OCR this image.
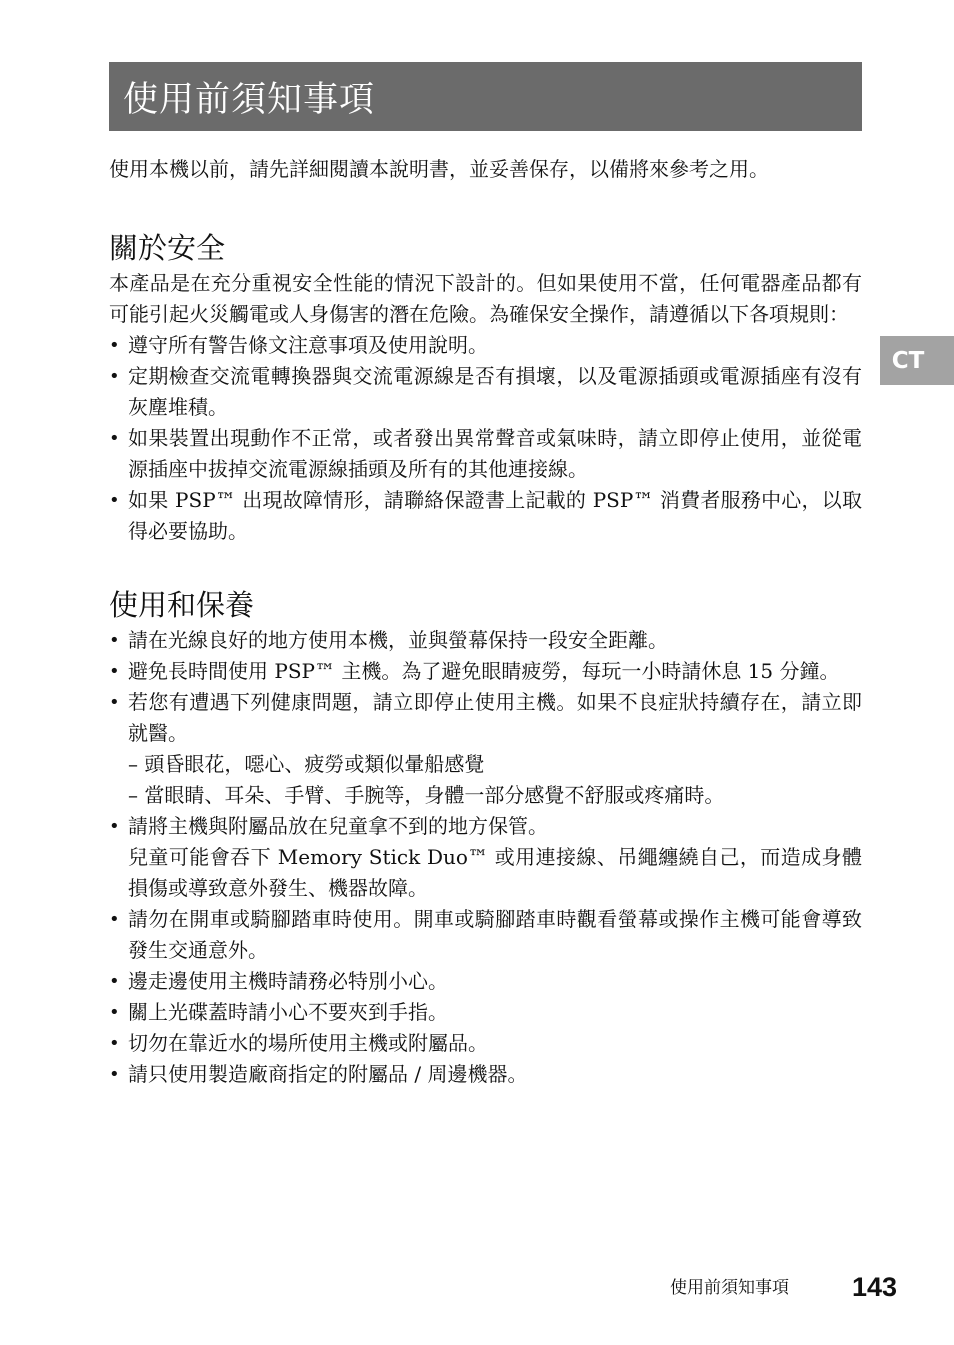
使用前須知事項
CT

使用本機以前，請先詳細閱讀本說明書，並妥善保存，以備將來參考之用。

關於安全

本產品是在充分重視安全性能的情況下設計的。但如果使用不當，任何電器產品都有可能引起火災觸電或人身傷害的潛在危險。為確保安全操作，請遵循以下各項規則：

• 遵守所有警告條文注意事項及使用說明。
• 定期檢查交流電轉換器與交流電源線是否有損壞，以及電源插頭或電源插座有沒有灰塵堆積。
• 如果裝置出現動作不正常，或者發出異常聲音或氣味時，請立即停止使用，並從電源插座中拔掉交流電源線插頭及所有的其他連接線。
• 如果 PSP™ 出現故障情形，請聯絡保證書上記載的 PSP™ 消費者服務中心，以取得必要協助。
使用和保養
• 請在光線良好的地方使用本機，並與螢幕保持一段安全距離。
• 避免長時間使用 PSP™ 主機。為了避免眼睛疲勞，每玩一小時請休息 15 分鐘。
• 若您有遭遇下列健康問題，請立即停止使用主機。如果不良症狀持續存在，請立即就醫。
– 頭昏眼花，噁心、疲勞或類似暈船感覺
– 當眼睛、耳朵、手臂、手腕等，身體一部分感覺不舒服或疼痛時。
• 請將主機與附屬品放在兒童拿不到的地方保管。
兒童可能會吞下 Memory Stick Duo™ 或用連接線、吊繩纏繞自己，而造成身體損傷或導致意外發生、機器故障。
• 請勿在開車或騎腳踏車時使用。開車或騎腳踏車時觀看螢幕或操作主機可能會導致發生交通意外。
• 邊走邊使用主機時請務必特別小心。
• 關上光碟蓋時請小心不要夾到手指。
• 切勿在靠近水的場所使用主機或附屬品。
• 請只使用製造廠商指定的附屬品 / 周邊機器。
使用前須知事項 143
